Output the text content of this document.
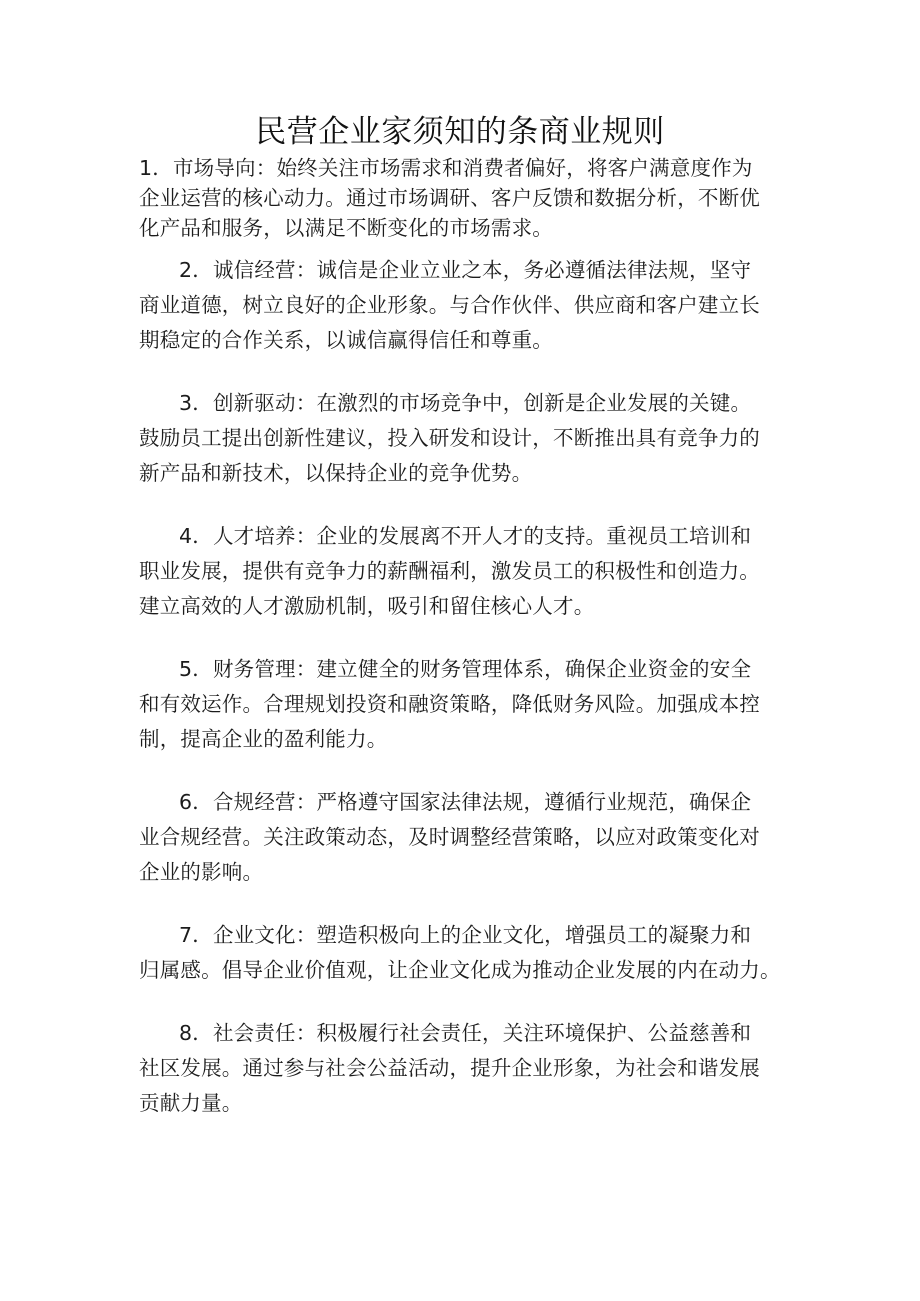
民营企业家须知的条商业规则
1．市场导向：始终关注市场需求和消费者偏好，将客户满意度作为
企业运营的核心动力。通过市场调研、客户反馈和数据分析，不断优
化产品和服务，以满足不断变化的市场需求。
2．诚信经营：诚信是企业立业之本，务必遵循法律法规，坚守
商业道德，树立良好的企业形象。与合作伙伴、供应商和客户建立长
期稳定的合作关系，以诚信赢得信任和尊重。
3．创新驱动：在激烈的市场竞争中，创新是企业发展的关键。
鼓励员工提出创新性建议，投入研发和设计，不断推出具有竞争力的
新产品和新技术，以保持企业的竞争优势。
4．人才培养：企业的发展离不开人才的支持。重视员工培训和
职业发展，提供有竞争力的薪酬福利，激发员工的积极性和创造力。
建立高效的人才激励机制，吸引和留住核心人才。
5．财务管理：建立健全的财务管理体系，确保企业资金的安全
和有效运作。合理规划投资和融资策略，降低财务风险。加强成本控
制，提高企业的盈利能力。
6．合规经营：严格遵守国家法律法规，遵循行业规范，确保企
业合规经营。关注政策动态，及时调整经营策略，以应对政策变化对
企业的影响。
7．企业文化：塑造积极向上的企业文化，增强员工的凝聚力和
归属感。倡导企业价值观，让企业文化成为推动企业发展的内在动力。
8．社会责任：积极履行社会责任，关注环境保护、公益慈善和
社区发展。通过参与社会公益活动，提升企业形象，为社会和谐发展
贡献力量。
